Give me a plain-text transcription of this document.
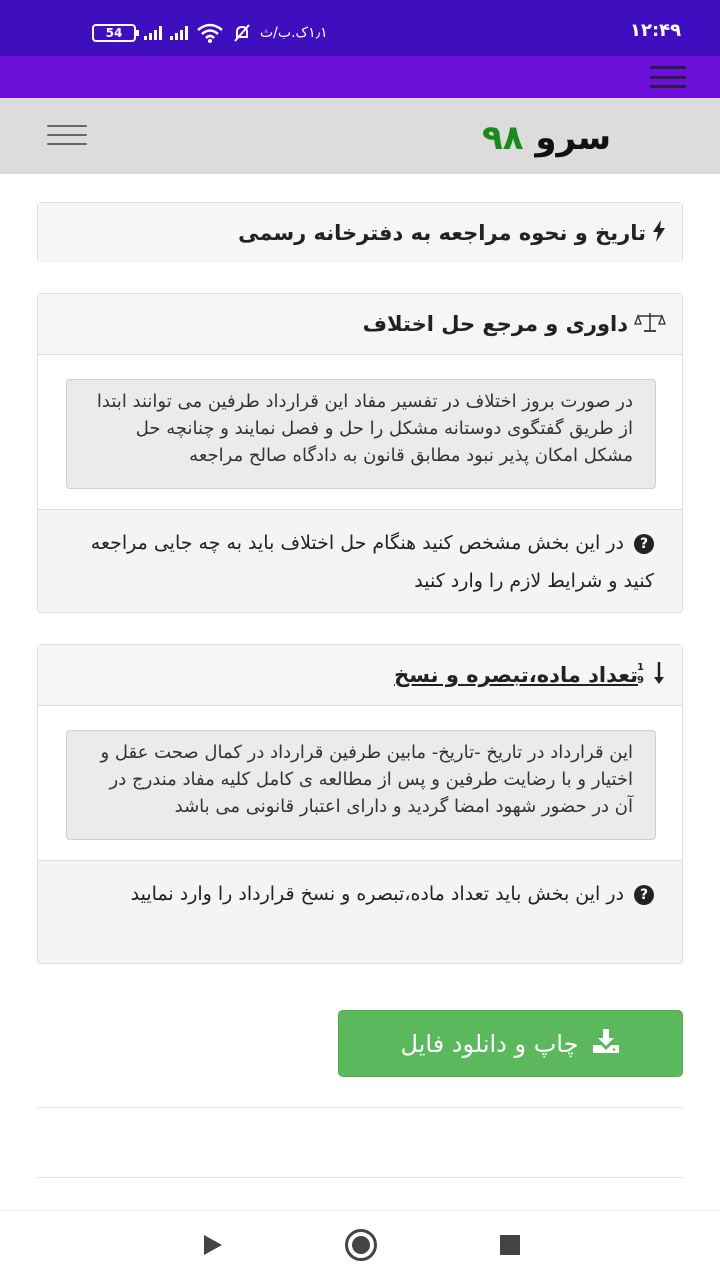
54	۱٫۱ک.ب/ث	۱۲:۴۹
سرو ۹۸
تاریخ و نحوه مراجعه به دفترخانه رسمی
داوری و مرجع حل اختلاف
در صورت بروز اختلاف در تفسیر مفاد این قرارداد طرفین می توانند ابتدا از طریق گفتگوی دوستانه مشکل را حل و فصل نمایند و چنانچه حل مشکل امکان پذیر نبود مطابق قانون به دادگاه صالح مراجعه
?در این بخش مشخص کنید هنگام حل اختلاف باید به چه جایی مراجعه کنید و شرایط لازم را وارد کنید
1
9
تعداد ماده،تبصره و نسخ
این قرارداد در تاریخ -تاریخ- مابین طرفین قرارداد در کمال صحت عقل و اختیار و با رضایت طرفین و پس از مطالعه ی کامل کلیه مفاد مندرج در آن در حضور شهود امضا گردید و دارای اعتبار قانونی می باشد
?در این بخش باید تعداد ماده،تبصره و نسخ قرارداد را وارد نمایید
چاپ و دانلود فایل
